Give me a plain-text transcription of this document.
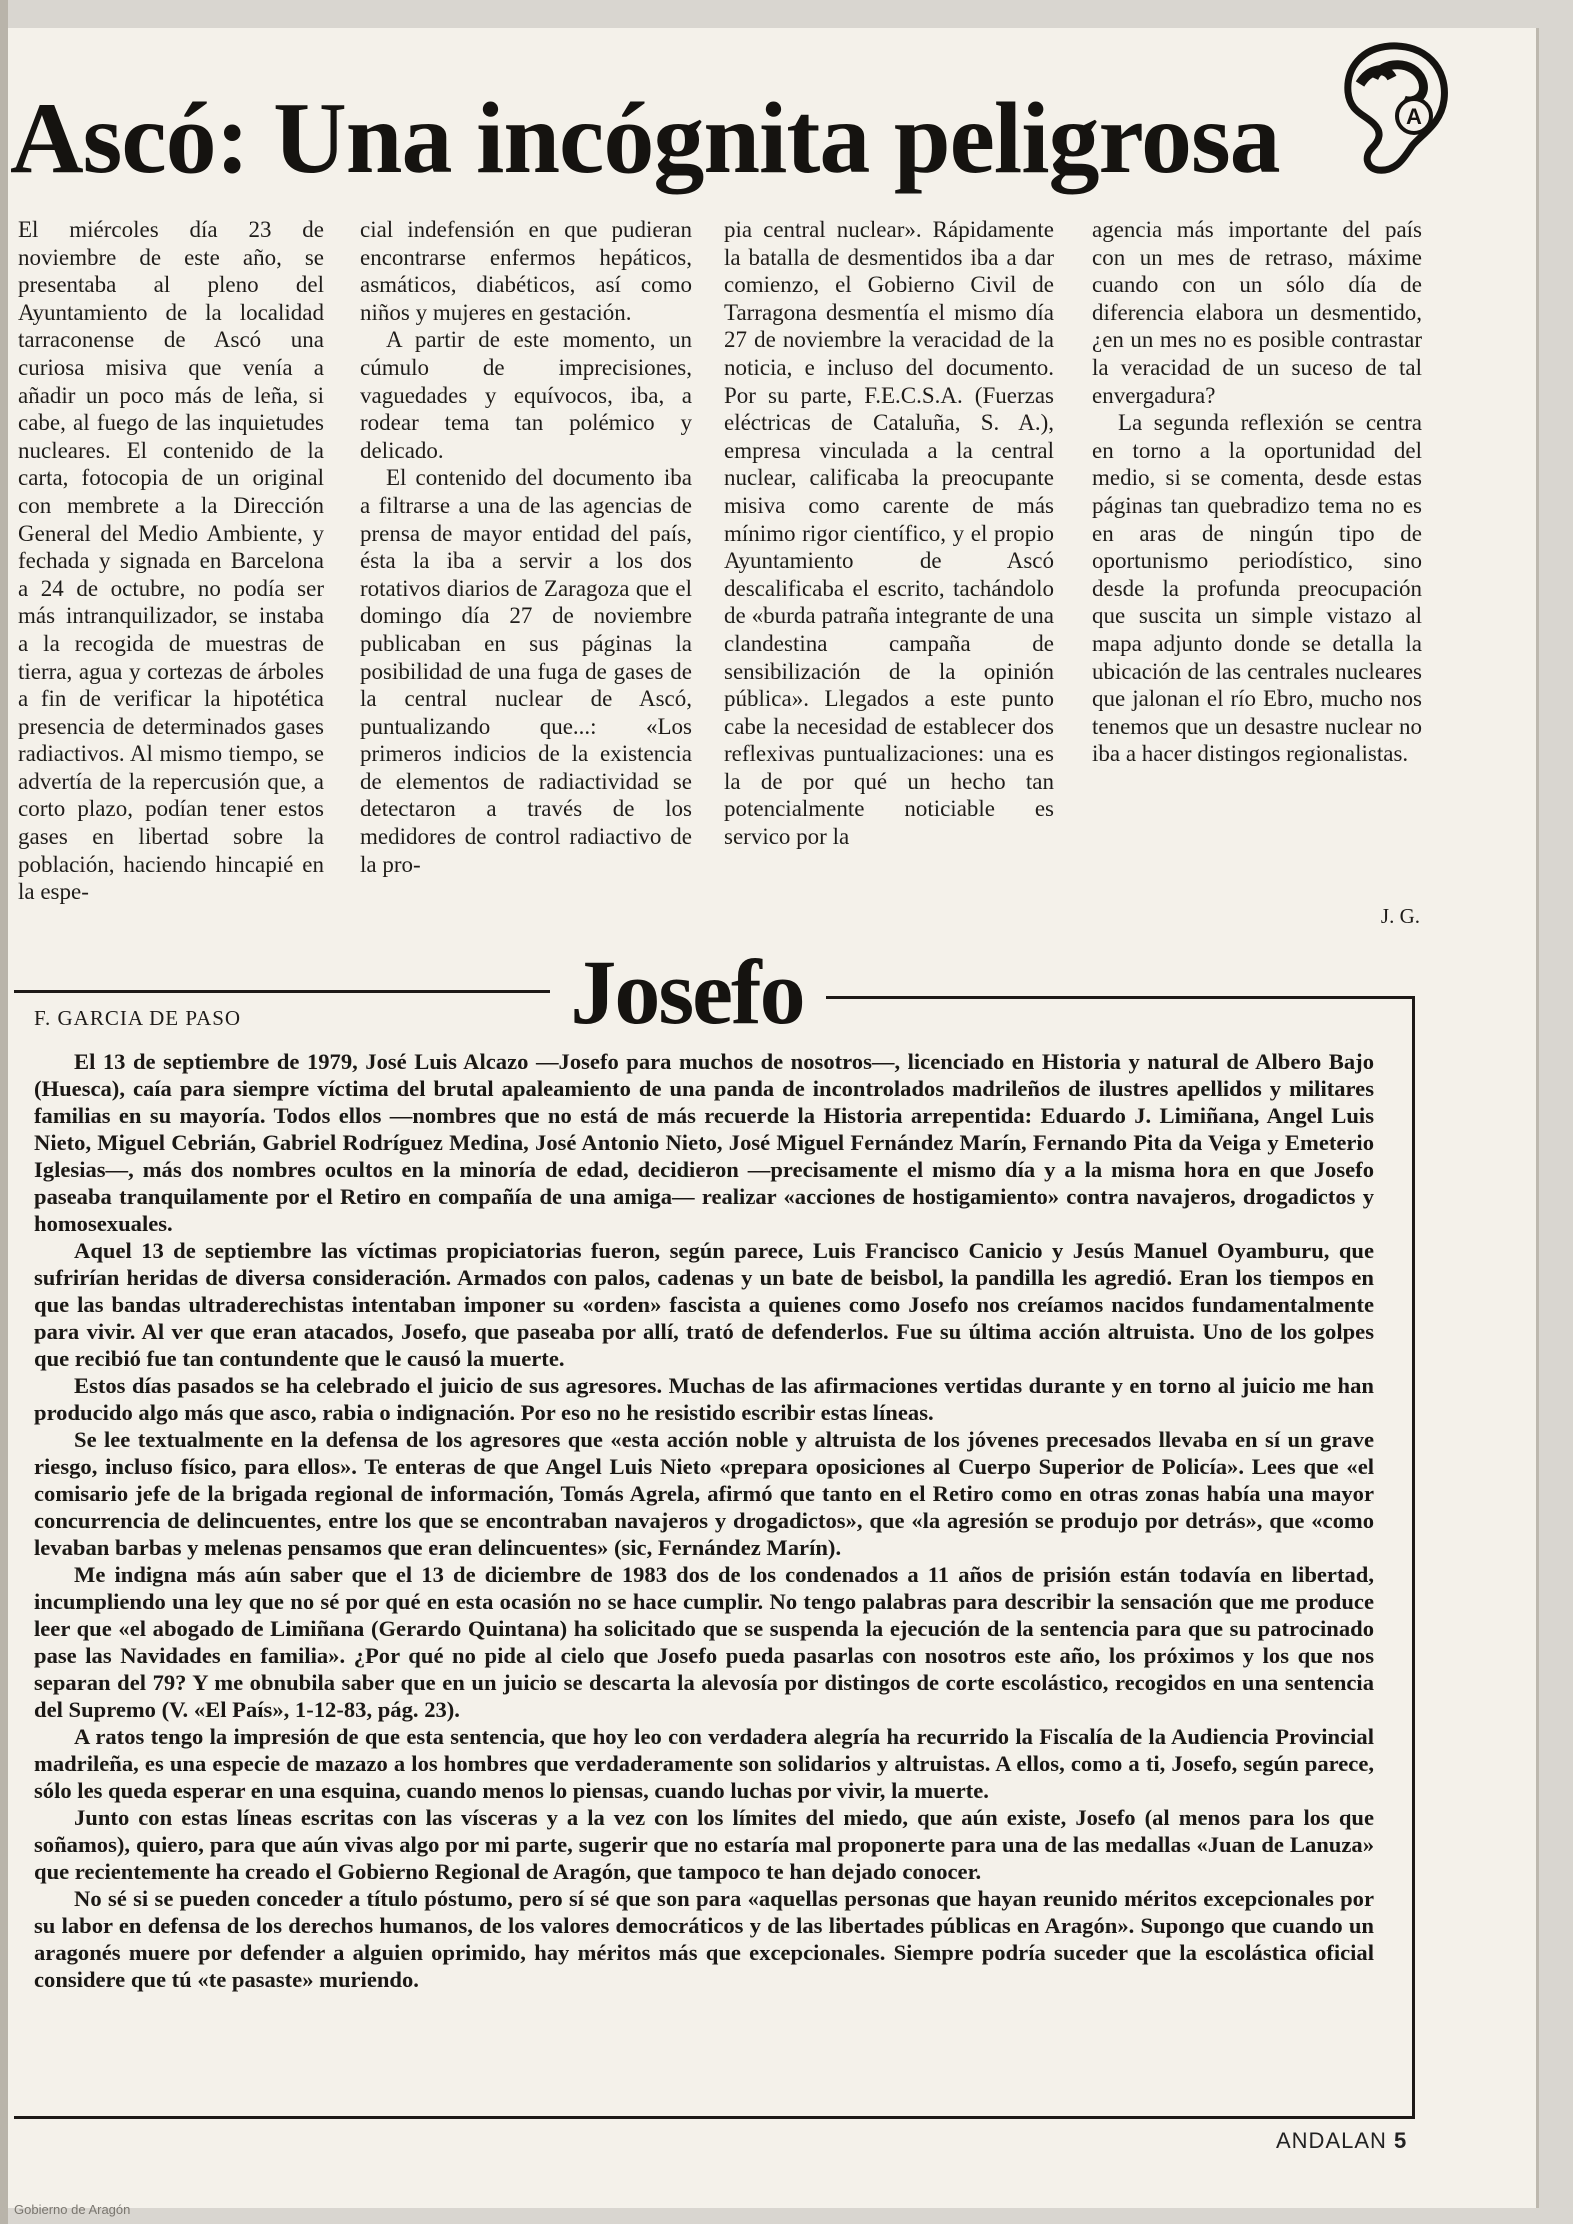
Ascó: Una incógnita peligrosa	A

El miércoles día 23 de noviembre de este año, se presentaba al pleno del Ayuntamiento de la localidad tarraconense de Ascó una curiosa misiva que venía a añadir un poco más de leña, si cabe, al fuego de las inquietudes nucleares. El contenido de la carta, fotocopia de un original con membrete a la Dirección General del Medio Ambiente, y fechada y signada en Barcelona a 24 de octubre, no podía ser más intranquilizador, se instaba a la recogida de muestras de tierra, agua y cortezas de árboles a fin de verificar la hipotética presencia de determinados gases radiactivos. Al mismo tiempo, se advertía de la repercusión que, a corto plazo, podían tener estos gases en libertad sobre la población, haciendo hincapié en la espe-

cial indefensión en que pudieran encontrarse enfermos hepáticos, asmáticos, diabéticos, así como niños y mujeres en gestación.

A partir de este momento, un cúmulo de imprecisiones, vaguedades y equívocos, iba, a rodear tema tan polémico y delicado.

El contenido del documento iba a filtrarse a una de las agencias de prensa de mayor entidad del país, ésta la iba a servir a los dos rotativos diarios de Zaragoza que el domingo día 27 de noviembre publicaban en sus páginas la posibilidad de una fuga de gases de la central nuclear de Ascó, puntualizando que...: «Los primeros indicios de la existencia de elementos de radiactividad se detectaron a través de los medidores de control radiactivo de la pro-

pia central nuclear». Rápidamente la batalla de desmentidos iba a dar comienzo, el Gobierno Civil de Tarragona desmentía el mismo día 27 de noviembre la veracidad de la noticia, e incluso del documento. Por su parte, F.E.C.S.A. (Fuerzas eléctricas de Cataluña, S. A.), empresa vinculada a la central nuclear, calificaba la preocupante misiva como carente de más mínimo rigor científico, y el propio Ayuntamiento de Ascó descalificaba el escrito, tachándolo de «burda patraña integrante de una clandestina campaña de sensibilización de la opinión pública». Llegados a este punto cabe la necesidad de establecer dos reflexivas puntualizaciones: una es la de por qué un hecho tan potencialmente noticiable es servico por la

agencia más importante del país con un mes de retraso, máxime cuando con un sólo día de diferencia elabora un desmentido, ¿en un mes no es posible contrastar la veracidad de un suceso de tal envergadura?

La segunda reflexión se centra en torno a la oportunidad del medio, si se comenta, desde estas páginas tan quebradizo tema no es en aras de ningún tipo de oportunismo periodístico, sino desde la profunda preocupación que suscita un simple vistazo al mapa adjunto donde se detalla la ubicación de las centrales nucleares que jalonan el río Ebro, mucho nos tenemos que un desastre nuclear no iba a hacer distingos regionalistas.

J. G.
Josefo
F. GARCIA DE PASO

El 13 de septiembre de 1979, José Luis Alcazo —Josefo para muchos de nosotros—, licenciado en Historia y natural de Albero Bajo (Huesca), caía para siempre víctima del brutal apaleamiento de una panda de incontrolados madrileños de ilustres apellidos y militares familias en su mayoría. Todos ellos —nombres que no está de más recuerde la Historia arrepentida: Eduardo J. Limiñana, Angel Luis Nieto, Miguel Cebrián, Gabriel Rodríguez Medina, José Antonio Nieto, José Miguel Fernández Marín, Fernando Pita da Veiga y Emeterio Iglesias—, más dos nombres ocultos en la minoría de edad, decidieron —precisamente el mismo día y a la misma hora en que Josefo paseaba tranquilamente por el Retiro en compañía de una amiga— realizar «acciones de hostigamiento» contra navajeros, drogadictos y homosexuales.

Aquel 13 de septiembre las víctimas propiciatorias fueron, según parece, Luis Francisco Canicio y Jesús Manuel Oyamburu, que sufrirían heridas de diversa consideración. Armados con palos, cadenas y un bate de beisbol, la pandilla les agredió. Eran los tiempos en que las bandas ultraderechistas intentaban imponer su «orden» fascista a quienes como Josefo nos creíamos nacidos fundamentalmente para vivir. Al ver que eran atacados, Josefo, que paseaba por allí, trató de defenderlos. Fue su última acción altruista. Uno de los golpes que recibió fue tan contundente que le causó la muerte.

Estos días pasados se ha celebrado el juicio de sus agresores. Muchas de las afirmaciones vertidas durante y en torno al juicio me han producido algo más que asco, rabia o indignación. Por eso no he resistido escribir estas líneas.

Se lee textualmente en la defensa de los agresores que «esta acción noble y altruista de los jóvenes precesados llevaba en sí un grave riesgo, incluso físico, para ellos». Te enteras de que Angel Luis Nieto «prepara oposiciones al Cuerpo Superior de Policía». Lees que «el comisario jefe de la brigada regional de información, Tomás Agrela, afirmó que tanto en el Retiro como en otras zonas había una mayor concurrencia de delincuentes, entre los que se encontraban navajeros y drogadictos», que «la agresión se produjo por detrás», que «como levaban barbas y melenas pensamos que eran delincuentes» (sic, Fernández Marín).

Me indigna más aún saber que el 13 de diciembre de 1983 dos de los condenados a 11 años de prisión están todavía en libertad, incumpliendo una ley que no sé por qué en esta ocasión no se hace cumplir. No tengo palabras para describir la sensación que me produce leer que «el abogado de Limiñana (Gerardo Quintana) ha solicitado que se suspenda la ejecución de la sentencia para que su patrocinado pase las Navidades en familia». ¿Por qué no pide al cielo que Josefo pueda pasarlas con nosotros este año, los próximos y los que nos separan del 79? Y me obnubila saber que en un juicio se descarta la alevosía por distingos de corte escolástico, recogidos en una sentencia del Supremo (V. «El País», 1-12-83, pág. 23).

A ratos tengo la impresión de que esta sentencia, que hoy leo con verdadera alegría ha recurrido la Fiscalía de la Audiencia Provincial madrileña, es una especie de mazazo a los hombres que verdaderamente son solidarios y altruistas. A ellos, como a ti, Josefo, según parece, sólo les queda esperar en una esquina, cuando menos lo piensas, cuando luchas por vivir, la muerte.

Junto con estas líneas escritas con las vísceras y a la vez con los límites del miedo, que aún existe, Josefo (al menos para los que soñamos), quiero, para que aún vivas algo por mi parte, sugerir que no estaría mal proponerte para una de las medallas «Juan de Lanuza» que recientemente ha creado el Gobierno Regional de Aragón, que tampoco te han dejado conocer.

No sé si se pueden conceder a título póstumo, pero sí sé que son para «aquellas personas que hayan reunido méritos excepcionales por su labor en defensa de los derechos humanos, de los valores democráticos y de las libertades públicas en Aragón». Supongo que cuando un aragonés muere por defender a alguien oprimido, hay méritos más que excepcionales. Siempre podría suceder que la escolástica oficial considere que tú «te pasaste» muriendo.

ANDALAN 5
Gobierno de Aragón
